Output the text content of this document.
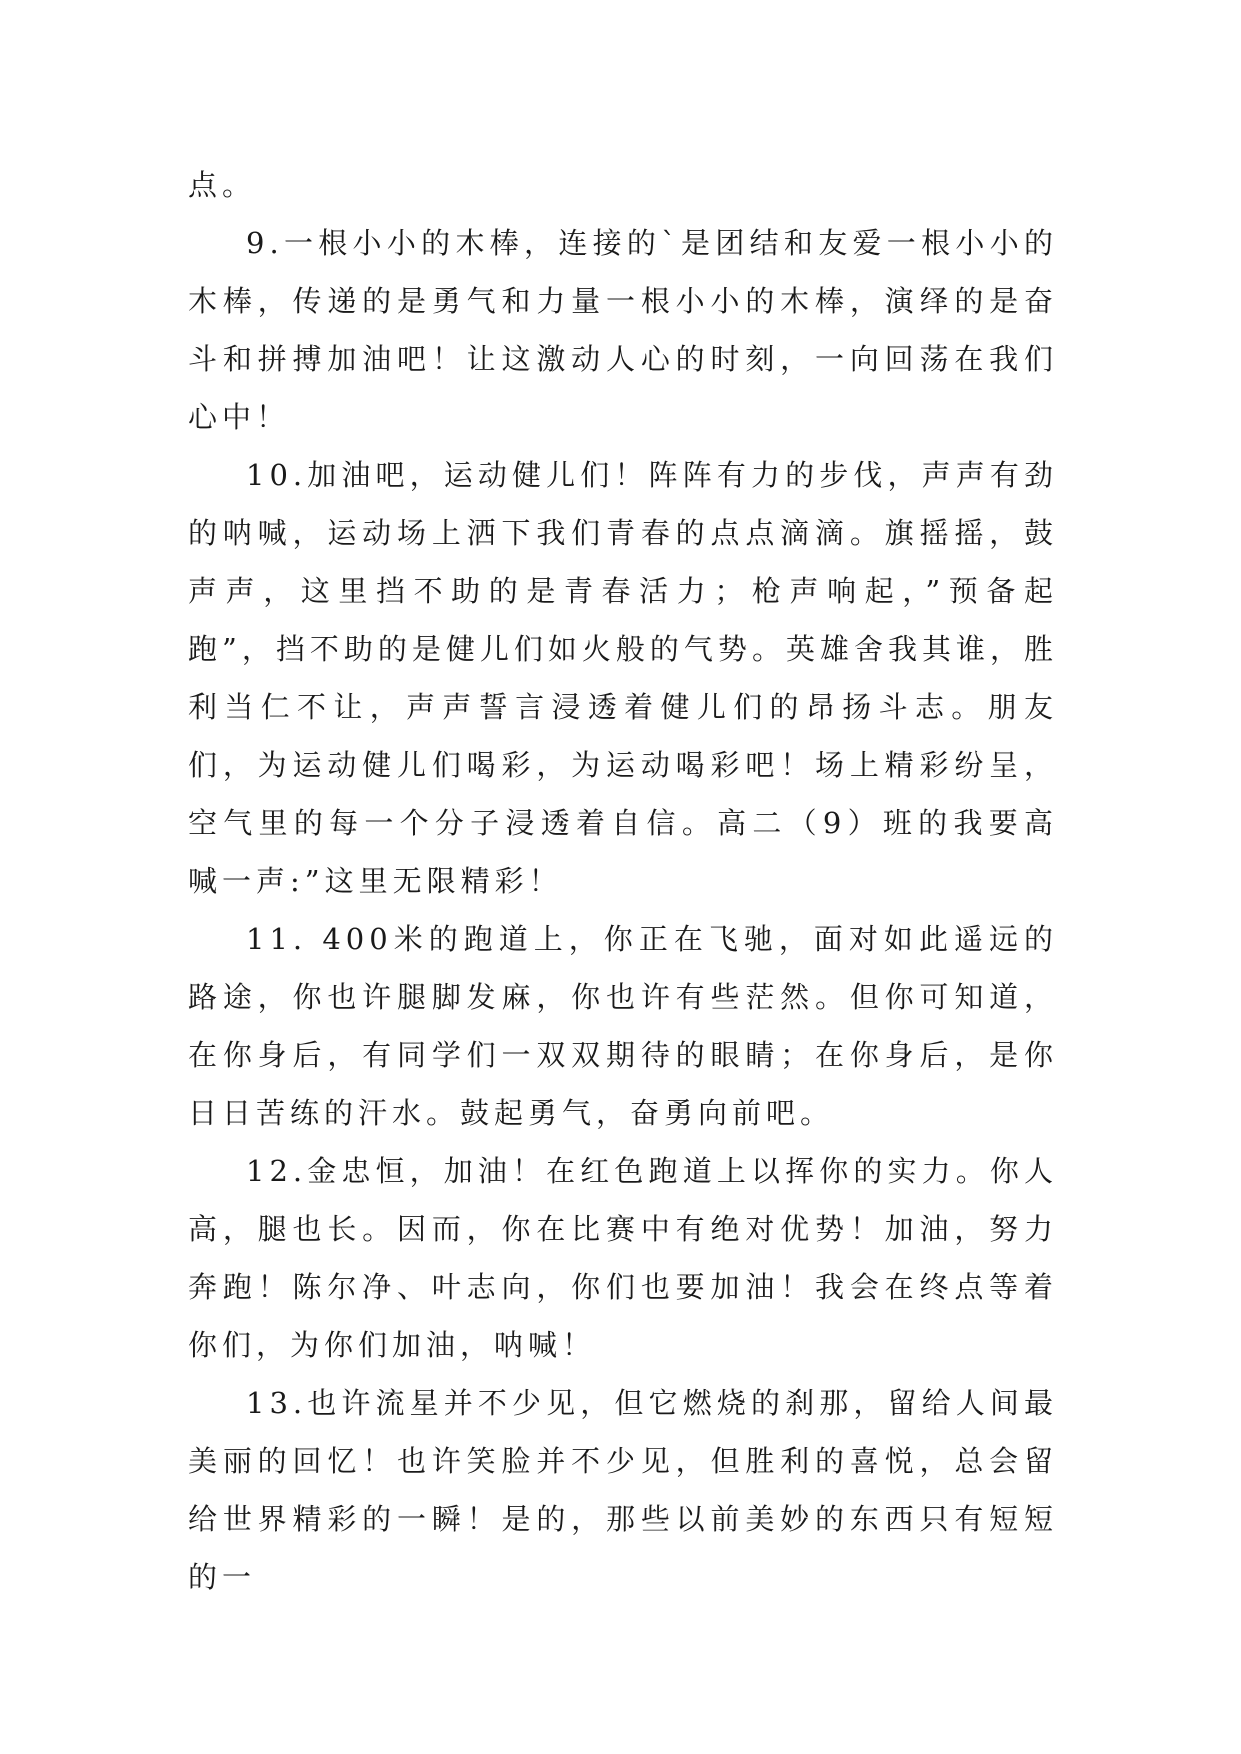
点。

9.一根小小的木棒，连接的`是团结和友爱一根小小的木棒，传递的是勇气和力量一根小小的木棒，演绎的是奋斗和拼搏加油吧！让这激动人心的时刻，一向回荡在我们心中！

10.加油吧，运动健儿们！阵阵有力的步伐，声声有劲的呐喊，运动场上洒下我们青春的点点滴滴。旗摇摇，鼓声声，这里挡不助的是青春活力；枪声响起，”预备起跑”，挡不助的是健儿们如火般的气势。英雄舍我其谁，胜利当仁不让，声声誓言浸透着健儿们的昂扬斗志。朋友们，为运动健儿们喝彩，为运动喝彩吧！场上精彩纷呈，空气里的每一个分子浸透着自信。高二（9）班的我要高喊一声:”这里无限精彩！

11. 400米的跑道上，你正在飞驰，面对如此遥远的路途，你也许腿脚发麻，你也许有些茫然。但你可知道，在你身后，有同学们一双双期待的眼睛；在你身后，是你日日苦练的汗水。鼓起勇气，奋勇向前吧。

12.金忠恒，加油！在红色跑道上以挥你的实力。你人高，腿也长。因而，你在比赛中有绝对优势！加油，努力奔跑！陈尔净、叶志向，你们也要加油！我会在终点等着你们，为你们加油，呐喊！

13.也许流星并不少见，但它燃烧的刹那，留给人间最美丽的回忆！也许笑脸并不少见，但胜利的喜悦，总会留给世界精彩的一瞬！是的，那些以前美妙的东西只有短短的一
